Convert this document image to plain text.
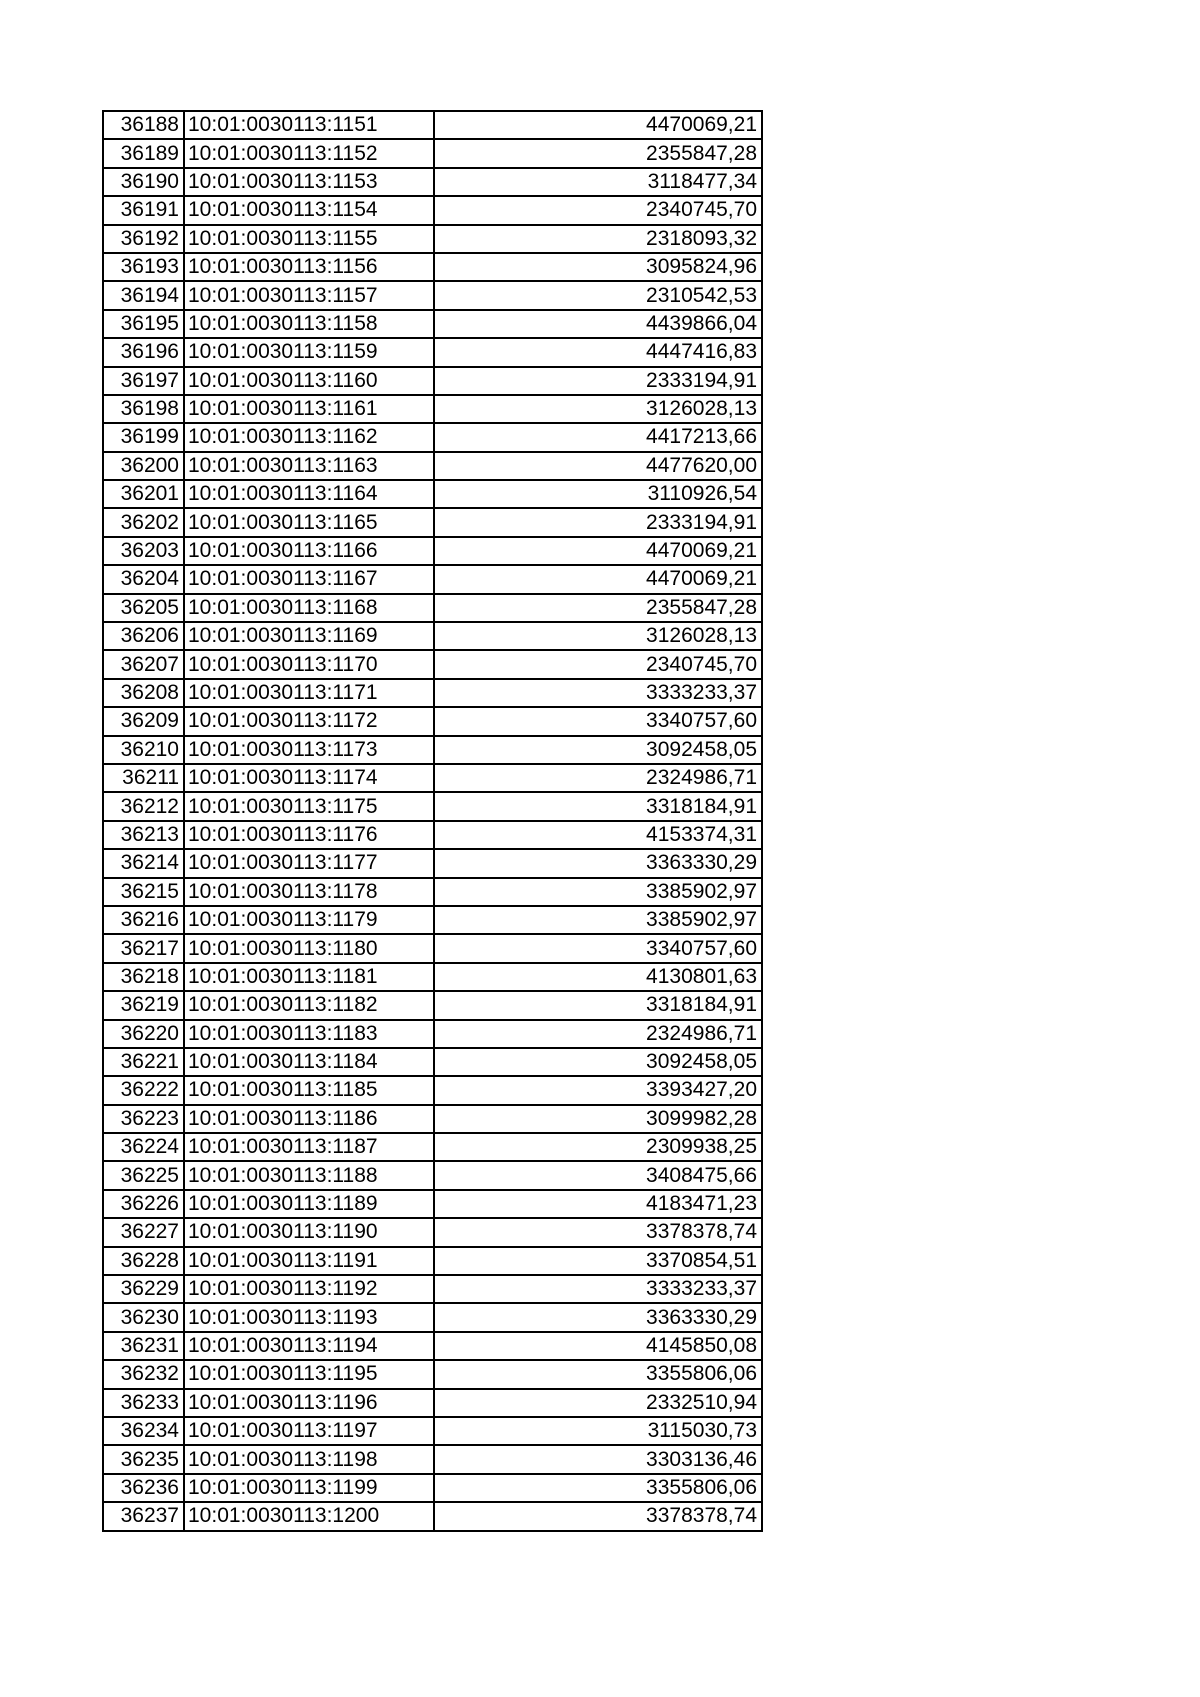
36188	10:01:0030113:1151	4470069,21
36189	10:01:0030113:1152	2355847,28
36190	10:01:0030113:1153	3118477,34
36191	10:01:0030113:1154	2340745,70
36192	10:01:0030113:1155	2318093,32
36193	10:01:0030113:1156	3095824,96
36194	10:01:0030113:1157	2310542,53
36195	10:01:0030113:1158	4439866,04
36196	10:01:0030113:1159	4447416,83
36197	10:01:0030113:1160	2333194,91
36198	10:01:0030113:1161	3126028,13
36199	10:01:0030113:1162	4417213,66
36200	10:01:0030113:1163	4477620,00
36201	10:01:0030113:1164	3110926,54
36202	10:01:0030113:1165	2333194,91
36203	10:01:0030113:1166	4470069,21
36204	10:01:0030113:1167	4470069,21
36205	10:01:0030113:1168	2355847,28
36206	10:01:0030113:1169	3126028,13
36207	10:01:0030113:1170	2340745,70
36208	10:01:0030113:1171	3333233,37
36209	10:01:0030113:1172	3340757,60
36210	10:01:0030113:1173	3092458,05
36211	10:01:0030113:1174	2324986,71
36212	10:01:0030113:1175	3318184,91
36213	10:01:0030113:1176	4153374,31
36214	10:01:0030113:1177	3363330,29
36215	10:01:0030113:1178	3385902,97
36216	10:01:0030113:1179	3385902,97
36217	10:01:0030113:1180	3340757,60
36218	10:01:0030113:1181	4130801,63
36219	10:01:0030113:1182	3318184,91
36220	10:01:0030113:1183	2324986,71
36221	10:01:0030113:1184	3092458,05
36222	10:01:0030113:1185	3393427,20
36223	10:01:0030113:1186	3099982,28
36224	10:01:0030113:1187	2309938,25
36225	10:01:0030113:1188	3408475,66
36226	10:01:0030113:1189	4183471,23
36227	10:01:0030113:1190	3378378,74
36228	10:01:0030113:1191	3370854,51
36229	10:01:0030113:1192	3333233,37
36230	10:01:0030113:1193	3363330,29
36231	10:01:0030113:1194	4145850,08
36232	10:01:0030113:1195	3355806,06
36233	10:01:0030113:1196	2332510,94
36234	10:01:0030113:1197	3115030,73
36235	10:01:0030113:1198	3303136,46
36236	10:01:0030113:1199	3355806,06
36237	10:01:0030113:1200	3378378,74
